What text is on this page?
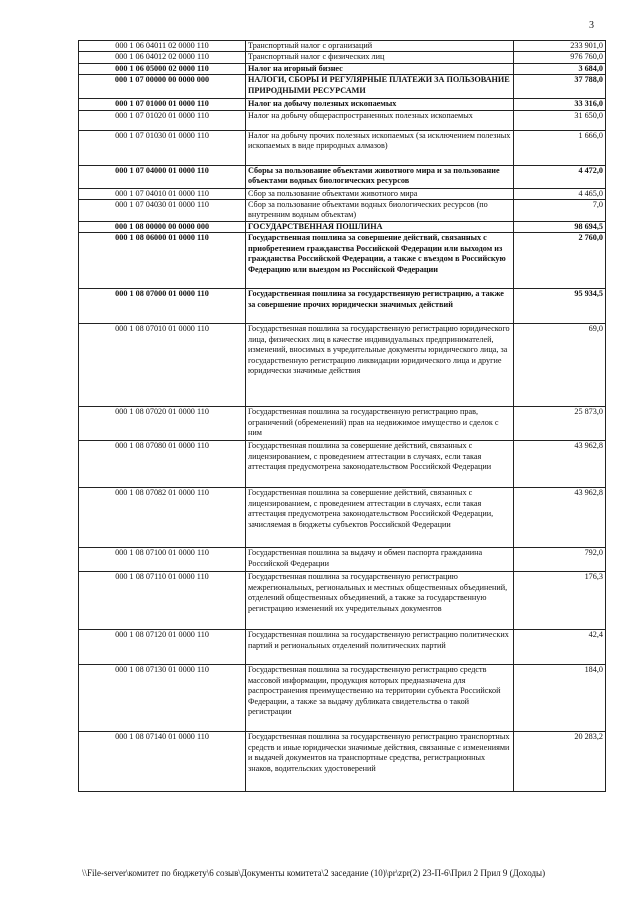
3
000 1 06 04011 02 0000 110	Транспортный налог с организаций	233 901,0
000 1 06 04012 02 0000 110	Транспортный налог с физических лиц	976 760,0
000 1 06 05000 02 0000 110	Налог на игорный бизнес	3 684,0
000 1 07 00000 00 0000 000	НАЛОГИ, СБОРЫ И РЕГУЛЯРНЫЕ ПЛАТЕЖИ ЗА ПОЛЬЗОВАНИЕ ПРИРОДНЫМИ РЕСУРСАМИ	37 788,0
000 1 07 01000 01 0000 110	Налог на добычу полезных ископаемых	33 316,0
000 1 07 01020 01 0000 110	Налог на добычу общераспространенных полезных ископаемых	31 650,0
000 1 07 01030 01 0000 110	Налог на добычу прочих полезных ископаемых (за исключением полезных ископаемых в виде природных алмазов)	1 666,0
000 1 07 04000 01 0000 110	Сборы за пользование объектами животного мира и за пользование объектами водных биологических ресурсов	4 472,0
000 1 07 04010 01 0000 110	Сбор за пользование объектами животного мира	4 465,0
000 1 07 04030 01 0000 110	Сбор за пользование объектами водных биологических ресурсов (по внутренним водным объектам)	7,0
000 1 08 00000 00 0000 000	ГОСУДАРСТВЕННАЯ ПОШЛИНА	98 694,5
000 1 08 06000 01 0000 110	Государственная пошлина за совершение действий, связанных с приобретением гражданства Российской Федерации или выходом из гражданства Российской Федерации, а также с въездом в Российскую Федерацию или выездом из Российской Федерации	2 760,0
000 1 08 07000 01 0000 110	Государственная пошлина за государственную регистрацию, а также за совершение прочих юридически значимых действий	95 934,5
000 1 08 07010 01 0000 110	Государственная пошлина за государственную регистрацию юридического лица, физических лиц в качестве индивидуальных предпринимателей, изменений, вносимых в учредительные документы юридического лица, за государственную регистрацию ликвидации юридического лица и другие юридически значимые действия	69,0
000 1 08 07020 01 0000 110	Государственная пошлина за государственную регистрацию прав, ограничений (обременений) прав на недвижимое имущество и сделок с ним	25 873,0
000 1 08 07080 01 0000 110	Государственная пошлина за совершение действий, связанных с лицензированием, с проведением аттестации в случаях, если такая аттестация предусмотрена законодательством Российской Федерации	43 962,8
000 1 08 07082 01 0000 110	Государственная пошлина за совершение действий, связанных с лицензированием, с проведением аттестации в случаях, если такая аттестация предусмотрена законодательством Российской Федерации, зачисляемая в бюджеты субъектов Российской Федерации	43 962,8
000 1 08 07100 01 0000 110	Государственная пошлина за выдачу и обмен паспорта гражданина Российской Федерации	792,0
000 1 08 07110 01 0000 110	Государственная пошлина за государственную регистрацию межрегиональных, региональных и местных общественных объединений, отделений общественных объединений, а также за государственную регистрацию изменений их учредительных документов	176,3
000 1 08 07120 01 0000 110	Государственная пошлина за государственную регистрацию политических партий и региональных отделений политических партий	42,4
000 1 08 07130 01 0000 110	Государственная пошлина за государственную регистрацию средств массовой информации, продукция которых предназначена для распространения преимущественно на территории субъекта Российской Федерации, а также за выдачу дубликата свидетельства о такой регистрации	184,0
000 1 08 07140 01 0000 110	Государственная пошлина за государственную регистрацию транспортных средств и иные юридически значимые действия, связанные с изменениями и выдачей документов на транспортные средства, регистрационных знаков, водительских удостоверений	20 283,2
\\File-server\комитет по бюджету\6 созыв\Документы комитета\2 заседание (10)\pr\zpr(2) 23-П-6\Прил 2 Прил 9 (Доходы)
